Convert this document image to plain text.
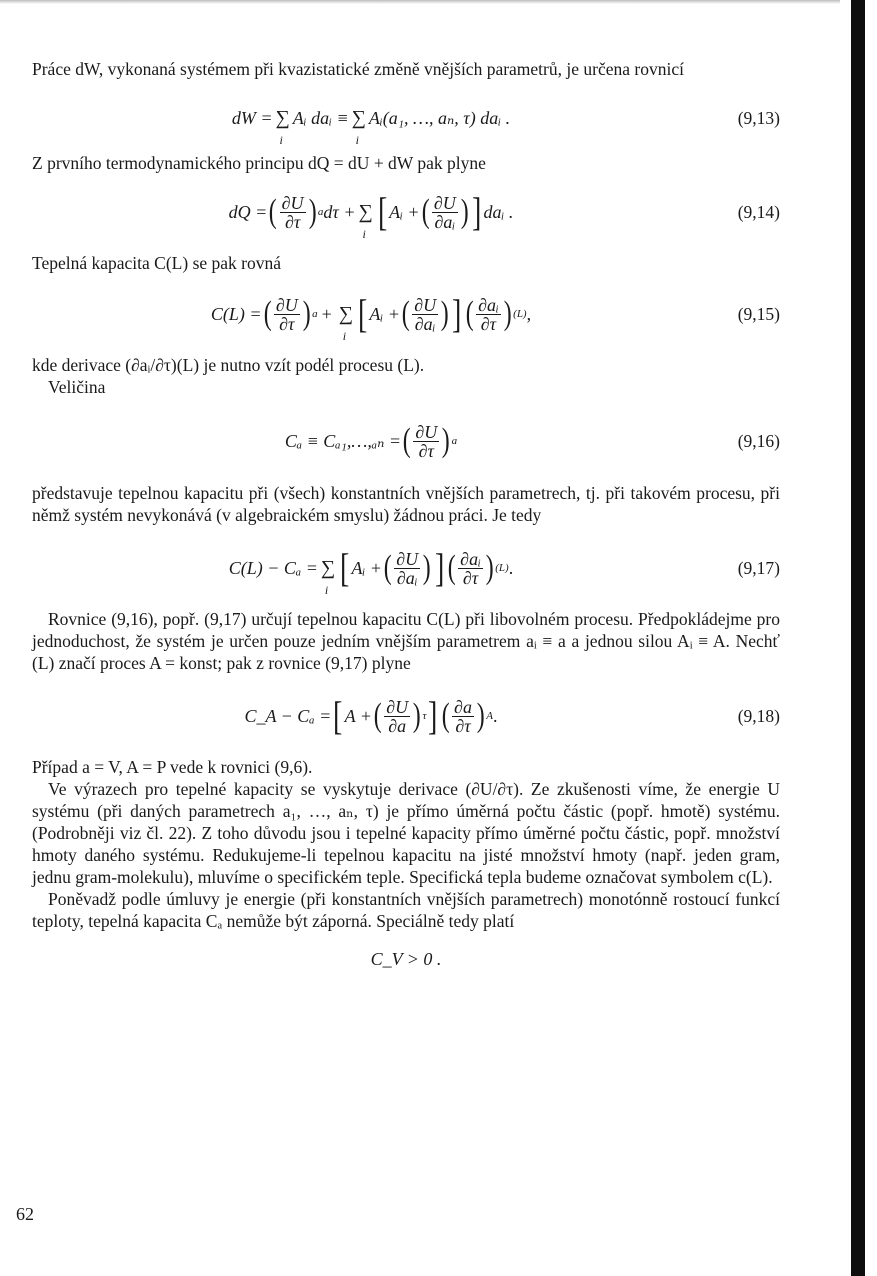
Práce dW, vykonaná systémem při kvazistatické změně vnějších parametrů, je určena rovnicí

dW = ∑
i
Aᵢ daᵢ ≡ ∑
i
Aᵢ(a₁, …, aₙ, τ) daᵢ .	(9,13)

Z prvního termodynamického principu dQ = dU + dW pak plyne

dQ = ( $\frac{\partial U}{\partial\tau}$ ) a dτ + ∑
i [ Aᵢ + ( $\frac{\partial U}{\text{∂aᵢ}}$ ) ] daᵢ .	(9,14)

Tepelná kapacita C(L) se pak rovná

C(L) = ( $\frac{\partial U}{\partial\tau}$ ) a + ∑
i [ Aᵢ + ( $\frac{\partial U}{\text{∂aᵢ}}$ ) ] ( $\frac{\text{∂aᵢ}}{\partial\tau}$ ) (L) ,	(9,15)

kde derivace (∂aᵢ/∂τ)(L) je nutno vzít podél procesu (L).

Veličina

Cₐ ≡ Cₐ₁,…,ₐₙ = ( $\frac{\partial U}{\partial\tau}$ ) a	(9,16)

představuje tepelnou kapacitu při (všech) konstantních vnějších parametrech, tj. při takovém procesu, při němž systém nevykonává (v algebraickém smyslu) žádnou práci. Je tedy

C(L) − Cₐ = ∑
i [ Aᵢ + ( $\frac{\partial U}{\text{∂aᵢ}}$ ) ] ( $\frac{\text{∂aᵢ}}{\partial\tau}$ ) (L) .	(9,17)

Rovnice (9,16), popř. (9,17) určují tepelnou kapacitu C(L) při libovolném procesu. Předpokládejme pro jednoduchost, že systém je určen pouze jedním vnějším parametrem aᵢ ≡ a a jednou silou Aᵢ ≡ A. Nechť (L) značí proces A = konst; pak z rovnice (9,17) plyne

C_A − Cₐ = [ A + ( $\frac{\partial U}{\partial a}$ ) τ ] ( $\frac{\partial a}{\partial\tau}$ ) A .	(9,18)

Případ a = V, A = P vede k rovnici (9,6).

Ve výrazech pro tepelné kapacity se vyskytuje derivace (∂U/∂τ). Ze zkušenosti víme, že energie U systému (při daných parametrech a₁, …, aₙ, τ) je přímo úměrná počtu částic (popř. hmotě) systému. (Podrobněji viz čl. 22). Z toho důvodu jsou i tepelné kapacity přímo úměrné počtu částic, popř. množství hmoty daného systému. Redukujeme-li tepelnou kapacitu na jisté množství hmoty (např. jeden gram, jednu gram-molekulu), mluvíme o specifickém teple. Specifická tepla budeme označovat symbolem c(L).

Poněvadž podle úmluvy je energie (při konstantních vnějších parametrech) monotónně rostoucí funkcí teploty, tepelná kapacita Cₐ nemůže být záporná. Speciálně tedy platí

C_V > 0 .
62
